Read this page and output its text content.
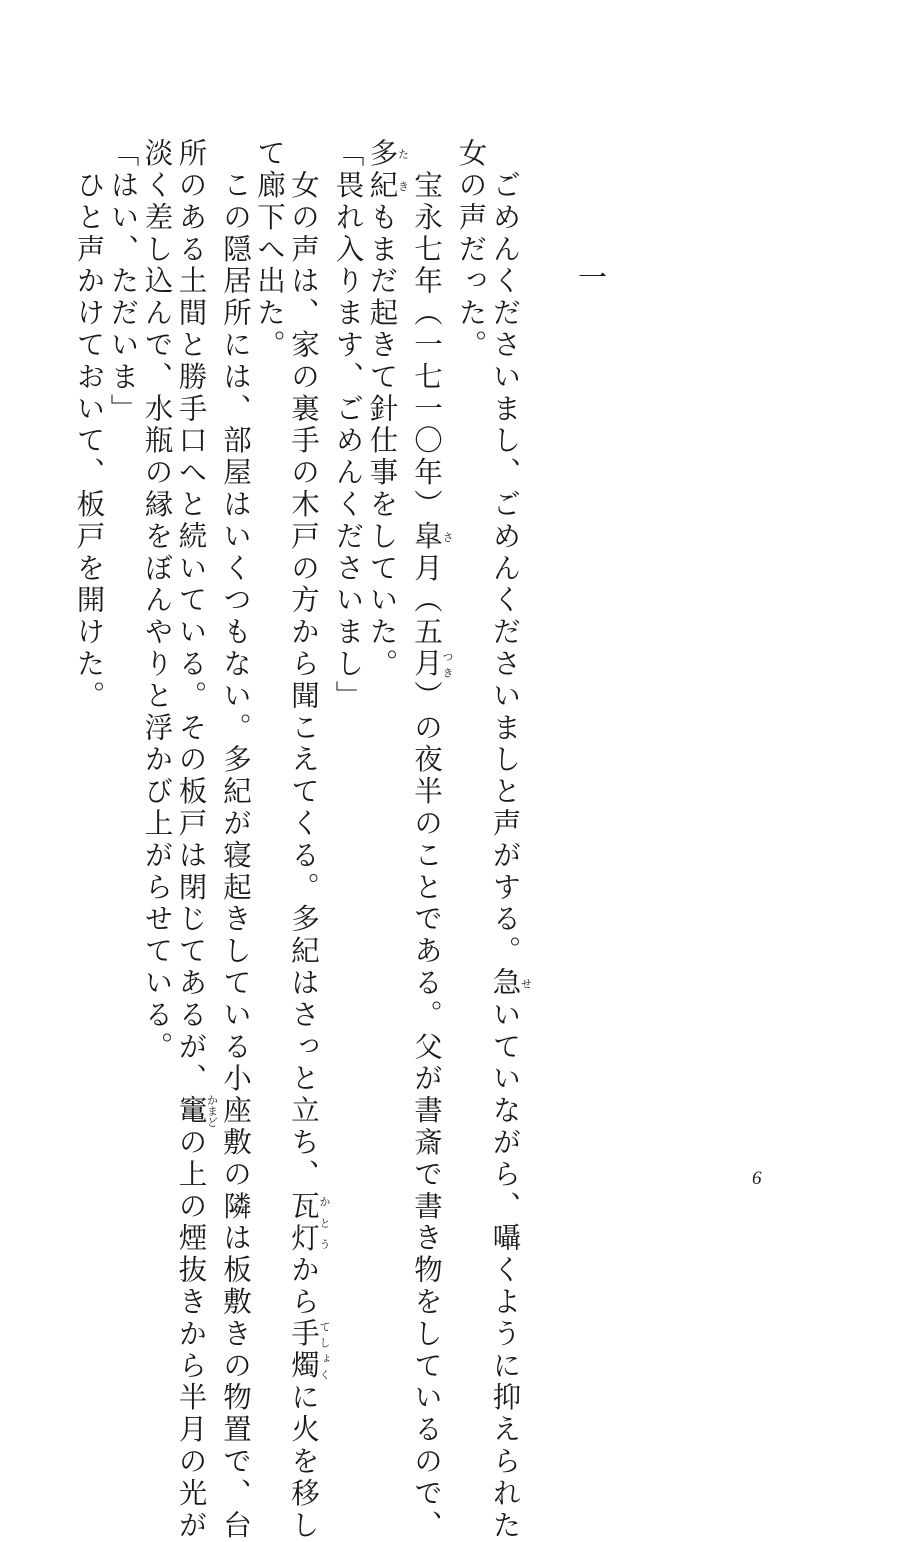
一

　ごめんくださいまし、ごめんくださいましと声がする。急せいていながら、囁くように抑えられた

女の声だった。

　宝永七年（一七一〇年）皐さ月（五月つき）の夜半のことである。父が書斎で書き物をしているので、

多紀たきもまだ起きて針仕事をしていた。

「畏れ入ります、ごめんくださいまし」

　女の声は、家の裏手の木戸の方から聞こえてくる。多紀はさっと立ち、瓦灯かとうから手燭てしょくに火を移し

て廊下へ出た。

　この隠居所には、部屋はいくつもない。多紀が寝起きしている小座敷の隣は板敷きの物置で、台

所のある土間と勝手口へと続いている。その板戸は閉じてあるが、竃かまどの上の煙抜きから半月の光が

淡く差し込んで、水瓶の縁をぼんやりと浮かび上がらせている。

「はい、ただいま」

　ひと声かけておいて、板戸を開けた。

6
